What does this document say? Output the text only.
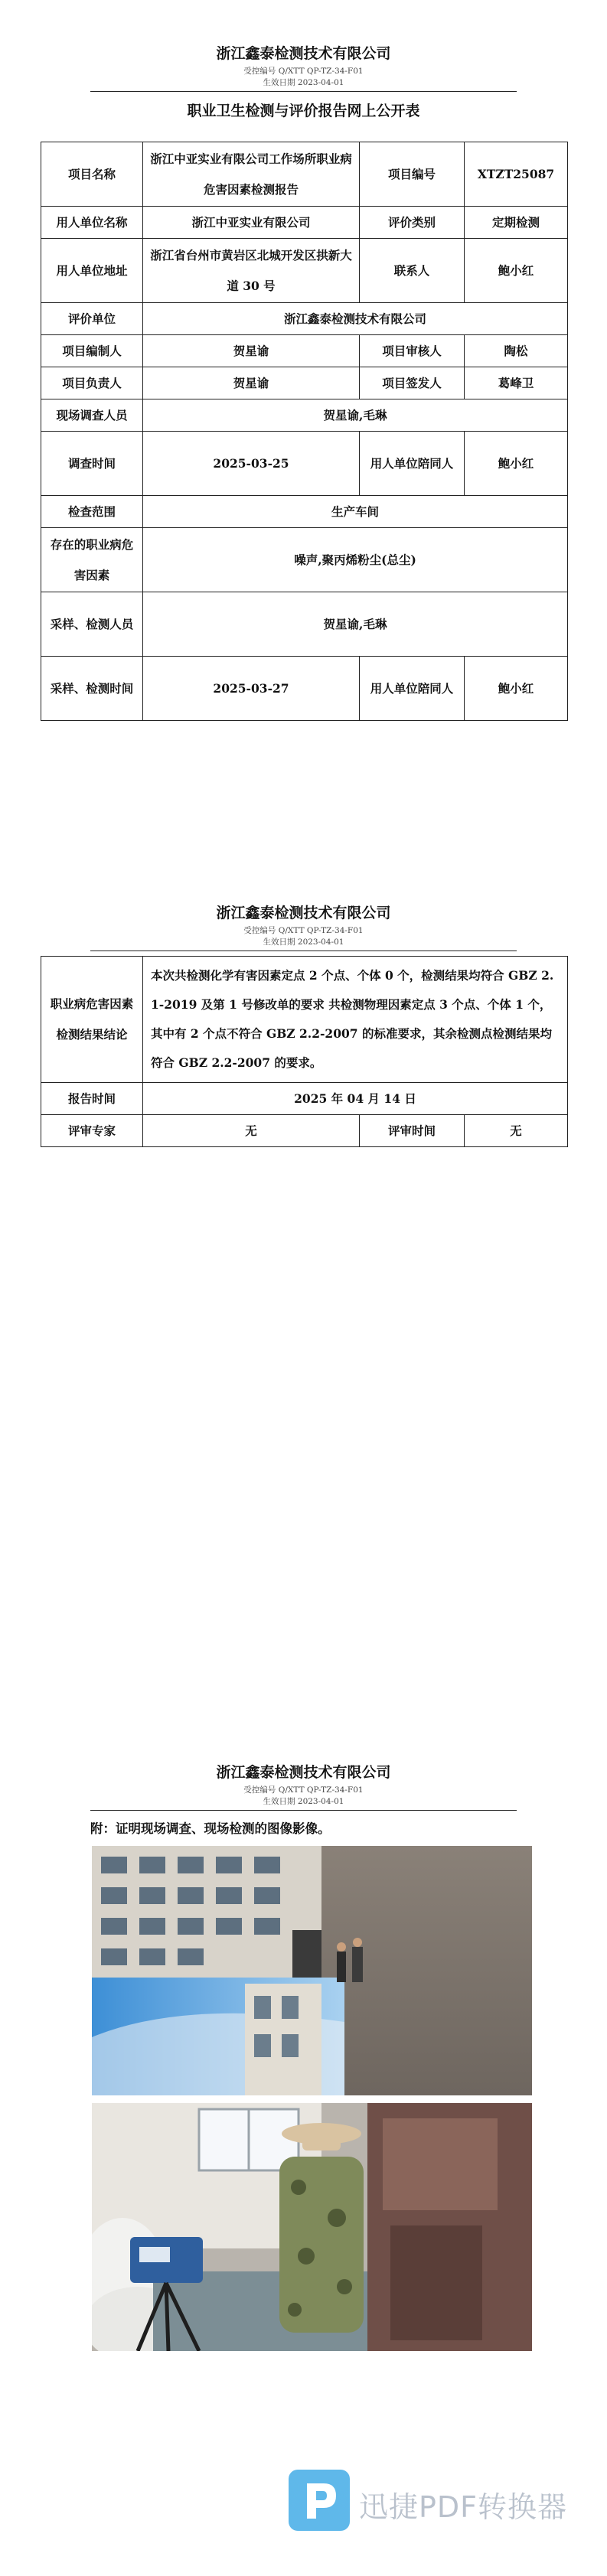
浙江鑫泰检测技术有限公司
受控编号 Q/XTT QP-TZ-34-F01
生效日期 2023-04-01
职业卫生检测与评价报告网上公开表
项目名称	浙江中亚实业有限公司工作场所职业病危害因素检测报告	项目编号	XTZT25087
用人单位名称	浙江中亚实业有限公司	评价类别	定期检测
用人单位地址	浙江省台州市黄岩区北城开发区拱新大道 30 号	联系人	鲍小红
评价单位	浙江鑫泰检测技术有限公司		
项目编制人	贺星谕	项目审核人	陶松
项目负责人	贺星谕	项目签发人	葛峰卫
现场调查人员	贺星谕,毛琳		
调查时间	2025-03-25	用人单位陪同人	鲍小红
检查范围	生产车间		
存在的职业病危害因素	噪声,聚丙烯粉尘(总尘)		
采样、检测人员	贺星谕,毛琳		
采样、检测时间	2025-03-27	用人单位陪同人	鲍小红
浙江鑫泰检测技术有限公司
受控编号 Q/XTT QP-TZ-34-F01
生效日期 2023-04-01
职业病危害因素检测结果结论	本次共检测化学有害因素定点 2 个点、个体 0 个，检测结果均符合 GBZ 2.1-2019 及第 1 号修改单的要求 共检测物理因素定点 3 个点、个体 1 个，其中有 2 个点不符合 GBZ 2.2-2007 的标准要求，其余检测点检测结果均符合 GBZ 2.2-2007 的要求。		
报告时间	2025 年 04 月 14 日		
评审专家	无	评审时间	无
浙江鑫泰检测技术有限公司
受控编号 Q/XTT QP-TZ-34-F01
生效日期 2023-04-01
附：证明现场调查、现场检测的图像影像。
迅捷PDF转换器
